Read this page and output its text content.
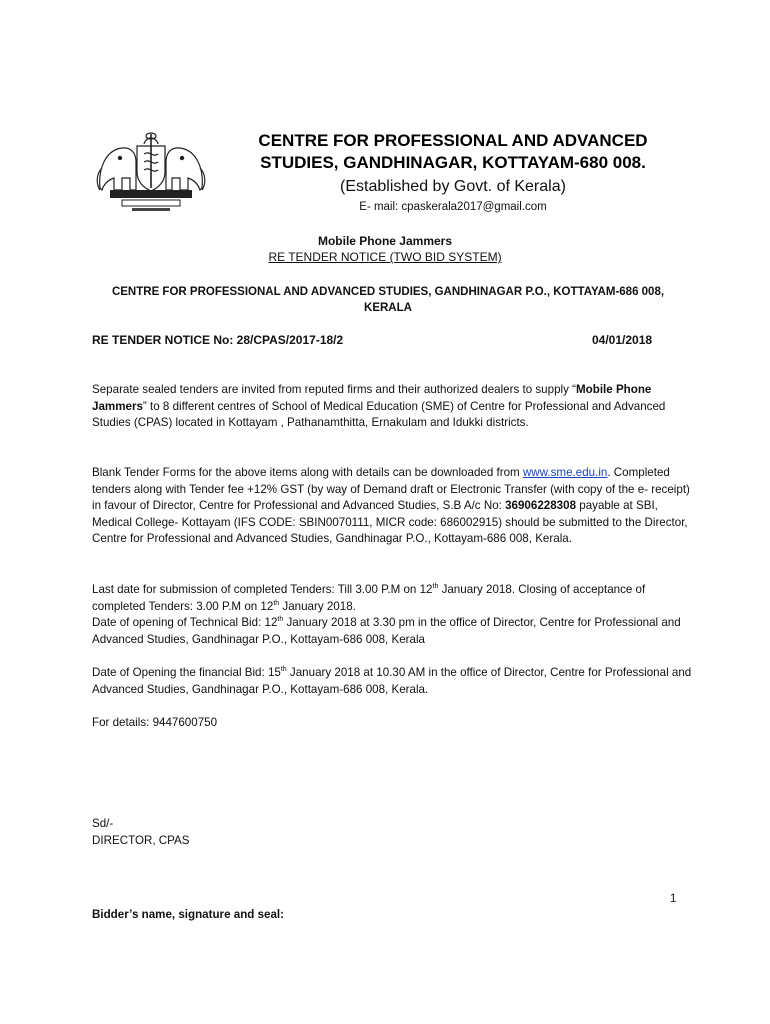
CENTRE FOR PROFESSIONAL AND ADVANCED
STUDIES, GANDHINAGAR, KOTTAYAM-680 008.
(Established by Govt. of Kerala)
E- mail: cpaskerala2017@gmail.com
Mobile Phone Jammers
RE TENDER NOTICE (TWO BID SYSTEM)
CENTRE FOR PROFESSIONAL AND ADVANCED STUDIES, GANDHINAGAR P.O., KOTTAYAM-686 008,
KERALA
RE TENDER NOTICE No: 28/CPAS/2017-18/2	04/01/2018
Separate sealed tenders are invited from reputed firms and their authorized dealers to supply “Mobile Phone Jammers” to 8 different centres of School of Medical Education (SME) of Centre for Professional and Advanced Studies (CPAS) located in Kottayam , Pathanamthitta, Ernakulam and Idukki districts.
Blank Tender Forms for the above items along with details can be downloaded from www.sme.edu.in. Completed tenders along with Tender fee +12% GST (by way of Demand draft or Electronic Transfer (with copy of the e- receipt) in favour of Director, Centre for Professional and Advanced Studies, S.B A/c No: 36906228308 payable at SBI, Medical College- Kottayam (IFS CODE: SBIN0070111, MICR code: 686002915) should be submitted to the Director, Centre for Professional and Advanced Studies, Gandhinagar P.O., Kottayam-686 008, Kerala.
Last date for submission of completed Tenders: Till 3.00 P.M on 12th January 2018. Closing of acceptance of completed Tenders: 3.00 P.M on 12th January 2018.
Date of opening of Technical Bid: 12th January 2018 at 3.30 pm in the office of Director, Centre for Professional and Advanced Studies, Gandhinagar P.O., Kottayam-686 008, Kerala
Date of Opening the financial Bid: 15th January 2018 at 10.30 AM in the office of Director, Centre for Professional and Advanced Studies, Gandhinagar P.O., Kottayam-686 008, Kerala.
For details: 9447600750
Sd/-
DIRECTOR, CPAS
1
Bidder’s name, signature and seal:
